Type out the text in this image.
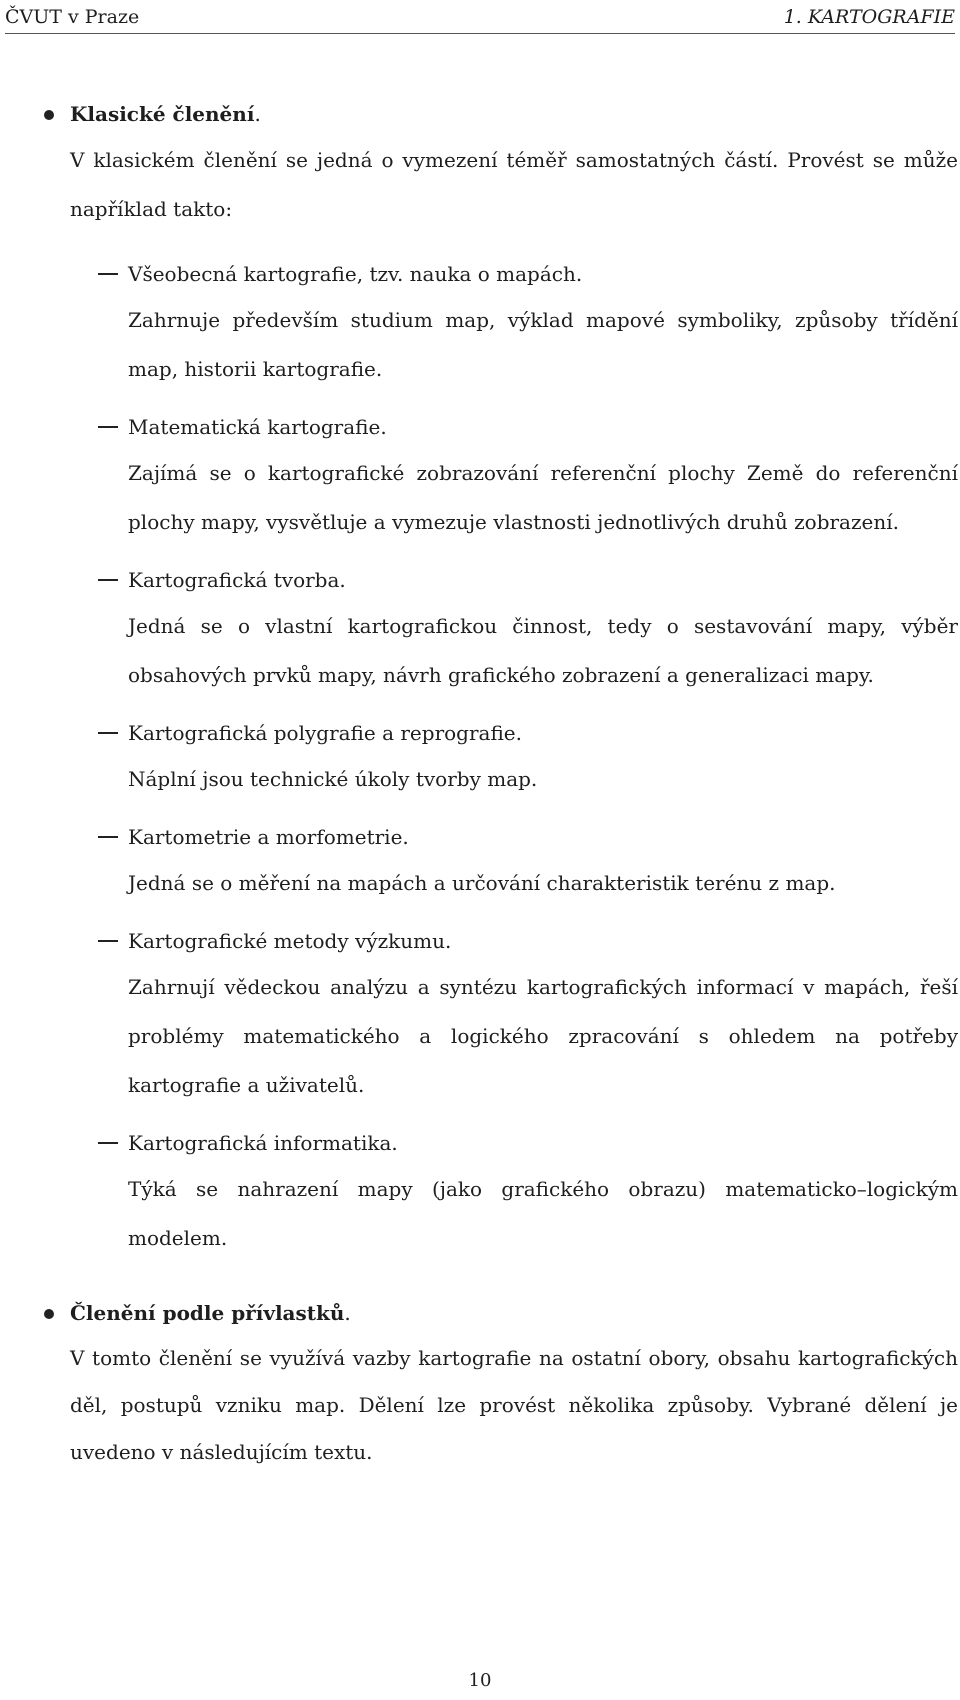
ČVUT v Praze	1. KARTOGRAFIE
Klasické členění.
V klasickém členění se jedná o vymezení téměř samostatných částí. Provést se může například takto:
Všeobecná kartografie, tzv. nauka o mapách.
Zahrnuje především studium map, výklad mapové symboliky, způsoby třídění map, historii kartografie.
Matematická kartografie.
Zajímá se o kartografické zobrazování referenční plochy Země do referenční plochy mapy, vysvětluje a vymezuje vlastnosti jednotlivých druhů zobrazení.
Kartografická tvorba.
Jedná se o vlastní kartografickou činnost, tedy o sestavování mapy, výběr obsahových prvků mapy, návrh grafického zobrazení a generalizaci mapy.
Kartografická polygrafie a reprografie.
Náplní jsou technické úkoly tvorby map.
Kartometrie a morfometrie.
Jedná se o měření na mapách a určování charakteristik terénu z map.
Kartografické metody výzkumu.
Zahrnují vědeckou analýzu a syntézu kartografických informací v mapách, řeší problémy matematického a logického zpracování s ohledem na potřeby kartografie a uživatelů.
Kartografická informatika.
Týká se nahrazení mapy (jako grafického obrazu) matematicko–logickým modelem.
Členění podle přívlastků.
V tomto členění se využívá vazby kartografie na ostatní obory, obsahu kartografických děl, postupů vzniku map. Dělení lze provést několika způsoby. Vybrané dělení je uvedeno v následujícím textu.
10
